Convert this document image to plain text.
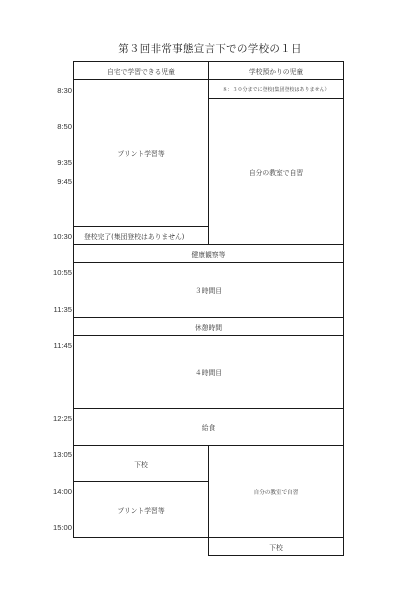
第３回非常事態宣言下での学校の１日
8:30
8:50
9:35
9:45
10:30
10:55
11:35
11:45
12:25
13:05
14:00
15:00
自宅で学習できる児童	学校預かりの児童
プリント学習等
登校完了(集団登校はありません)
８：３０分までに登校(集団登校はありません）
自分の教室で自習
健康観察等
３時間目
休憩時間
４時間目
給食
下校
プリント学習等
自分の教室で自習
下校
